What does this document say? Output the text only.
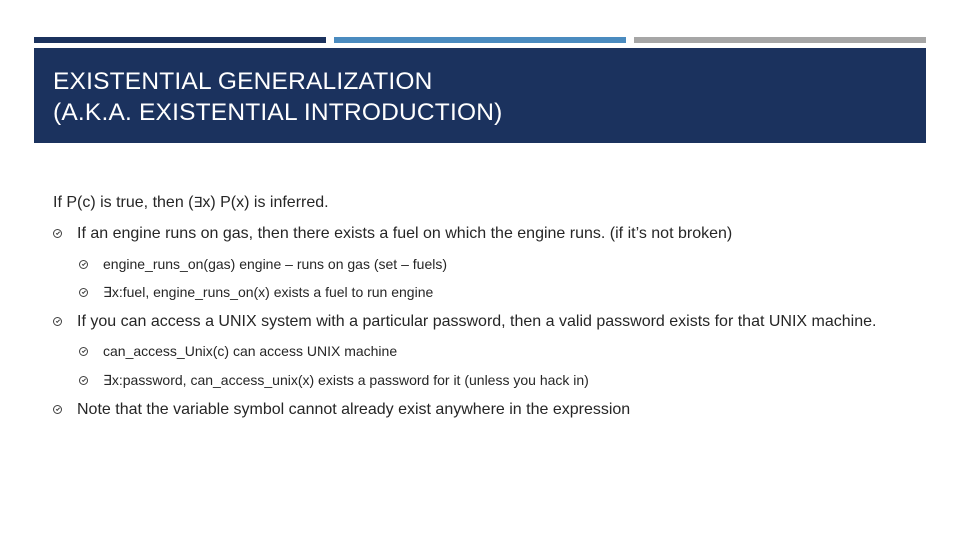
EXISTENTIAL GENERALIZATION
(A.K.A. EXISTENTIAL INTRODUCTION)

If P(c) is true, then (∃x) P(x) is inferred.

If an engine runs on gas, then there exists a fuel on which the engine runs. (if it’s not broken)
engine_runs_on(gas) engine – runs on gas (set – fuels)
∃x:fuel, engine_runs_on(x) exists a fuel to run engine
If you can access a UNIX system with a particular password, then a valid password exists for that UNIX machine.
can_access_Unix(c) can access UNIX machine
∃x:password, can_access_unix(x) exists a password for it (unless you hack in)
Note that the variable symbol cannot already exist anywhere in the expression
